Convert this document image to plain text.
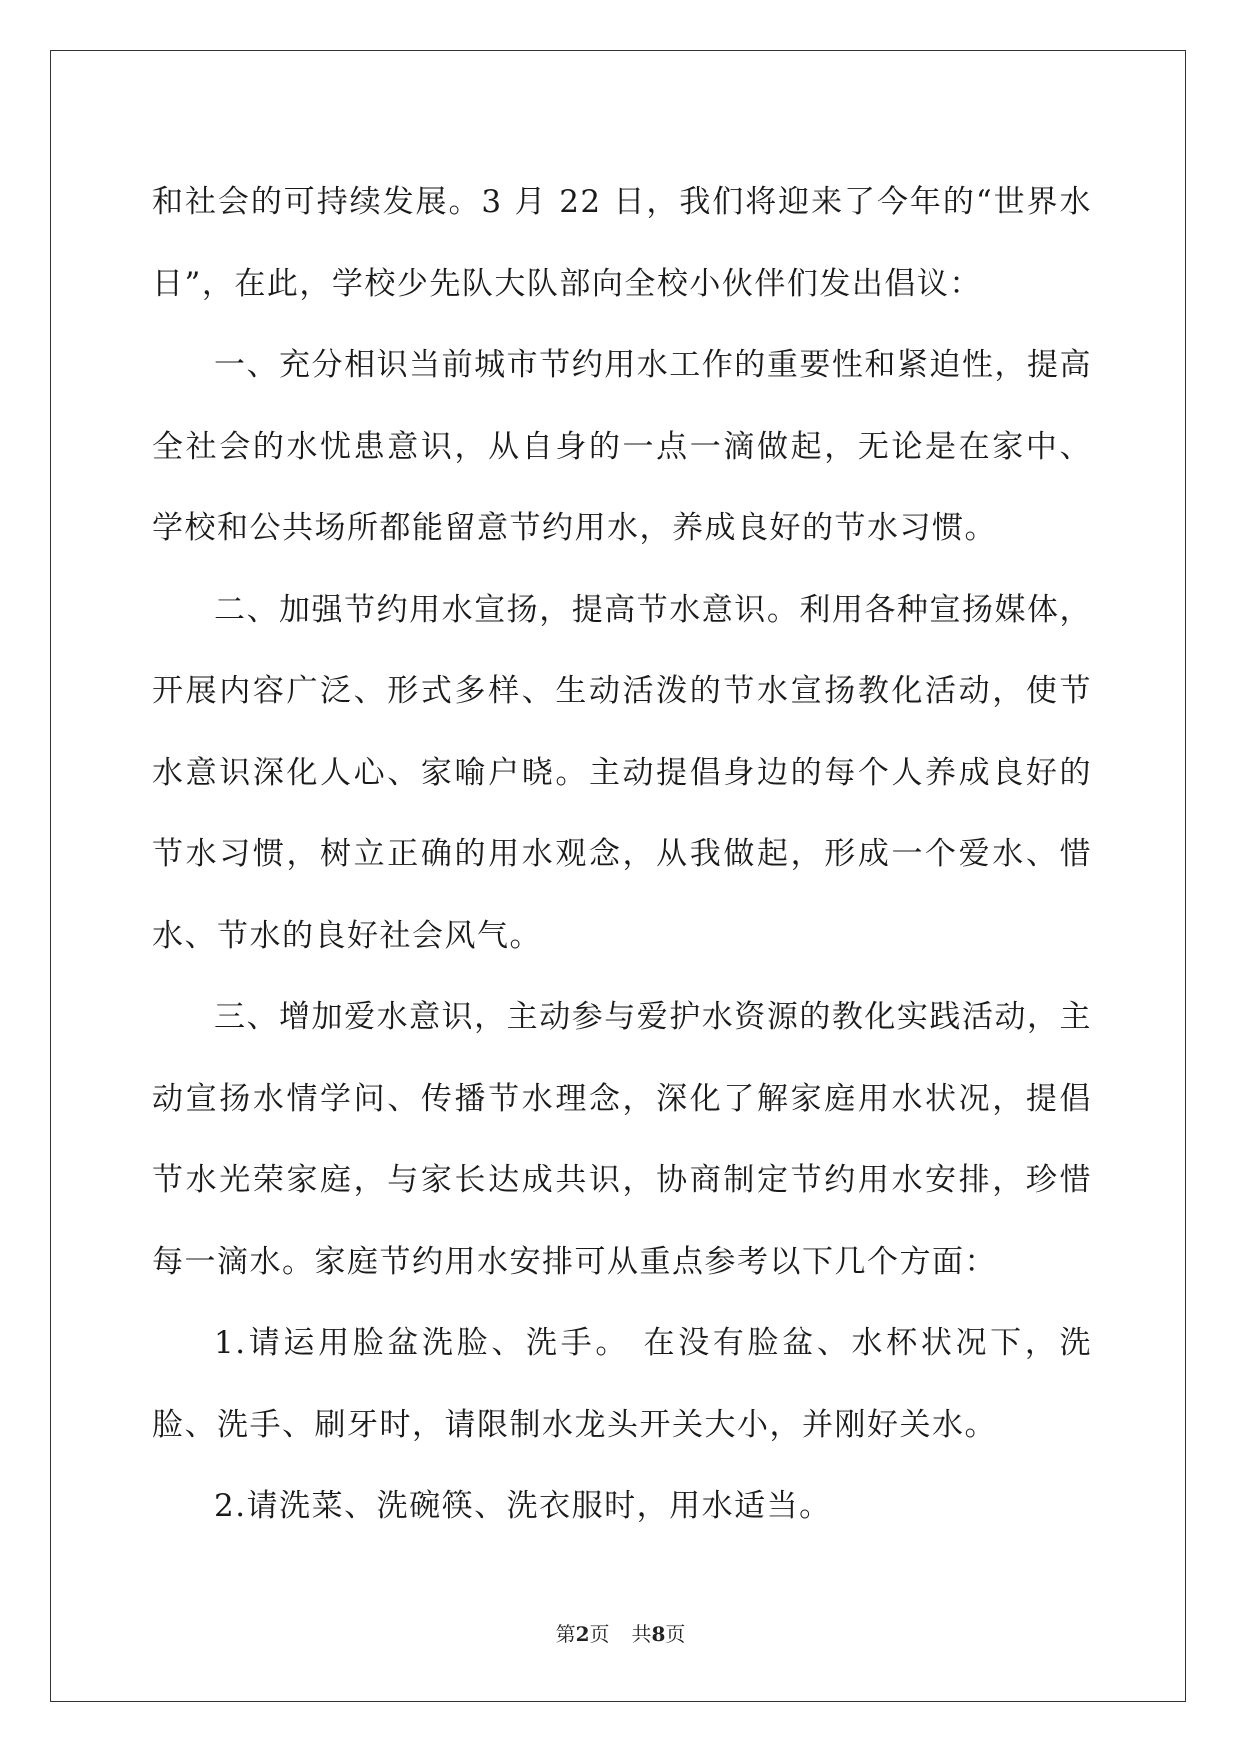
和社会的可持续发展。3 月 22 日，我们将迎来了今年的“世界水日”，在此，学校少先队大队部向全校小伙伴们发出倡议：

一、充分相识当前城市节约用水工作的重要性和紧迫性，提高全社会的水忧患意识，从自身的一点一滴做起，无论是在家中、学校和公共场所都能留意节约用水，养成良好的节水习惯。

二、加强节约用水宣扬，提高节水意识。利用各种宣扬媒体，开展内容广泛、形式多样、生动活泼的节水宣扬教化活动，使节水意识深化人心、家喻户晓。主动提倡身边的每个人养成良好的节水习惯，树立正确的用水观念，从我做起，形成一个爱水、惜水、节水的良好社会风气。

三、增加爱水意识，主动参与爱护水资源的教化实践活动，主动宣扬水情学问、传播节水理念，深化了解家庭用水状况，提倡节水光荣家庭，与家长达成共识，协商制定节约用水安排，珍惜每一滴水。家庭节约用水安排可从重点参考以下几个方面：

1.请运用脸盆洗脸、洗手。 在没有脸盆、水杯状况下，洗脸、洗手、刷牙时，请限制水龙头开关大小，并刚好关水。

2.请洗菜、洗碗筷、洗衣服时，用水适当。

第2页 共8页
